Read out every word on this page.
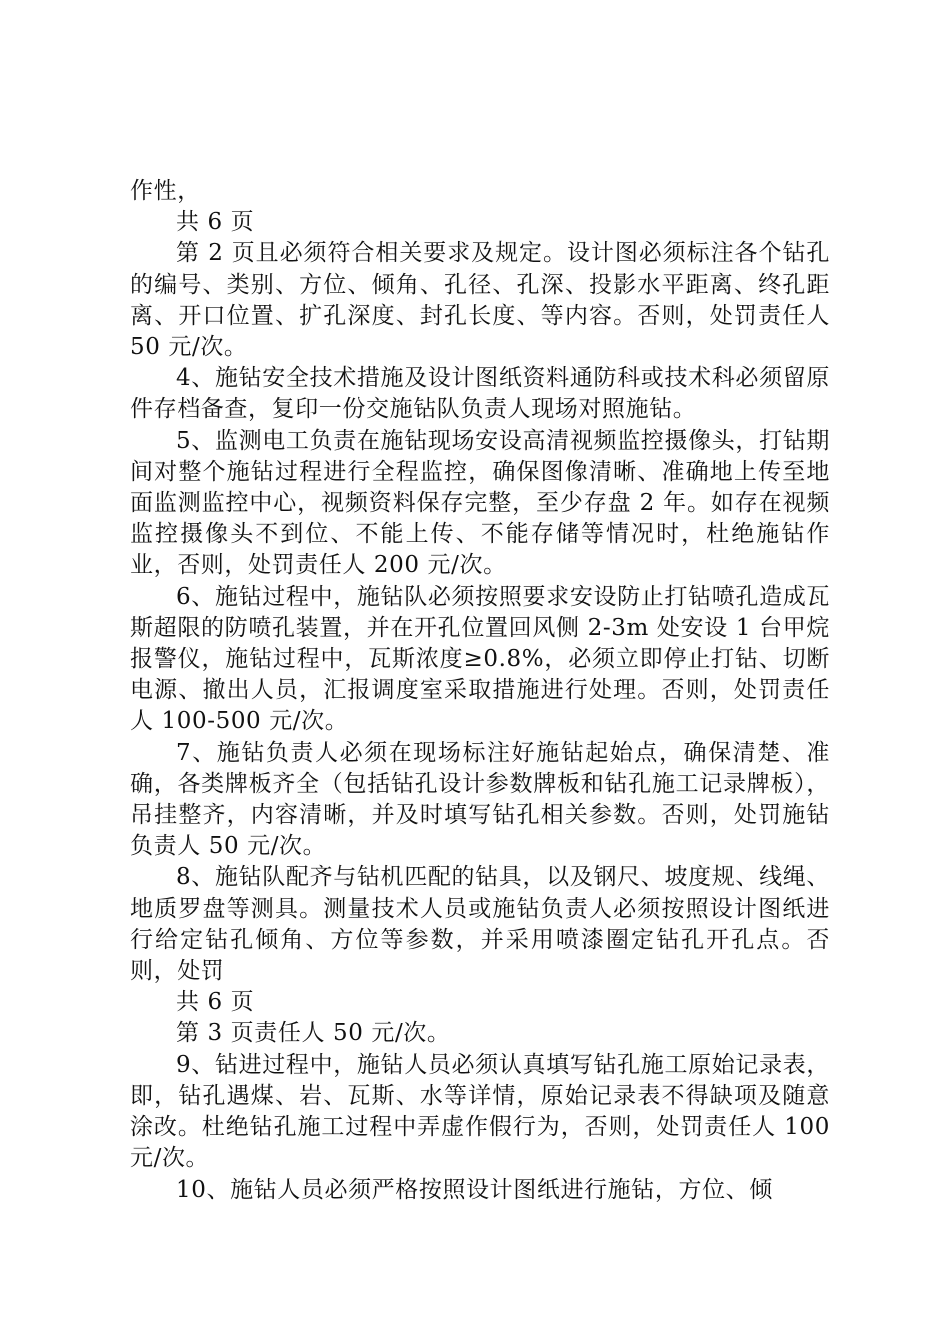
作性，

共 6 页

第 2 页且必须符合相关要求及规定。设计图必须标注各个钻孔的编号、类别、方位、倾角、孔径、孔深、投影水平距离、终孔距离、开口位置、扩孔深度、封孔长度、等内容。否则，处罚责任人 50 元/次。

4、施钻安全技术措施及设计图纸资料通防科或技术科必须留原件存档备查，复印一份交施钻队负责人现场对照施钻。

5、监测电工负责在施钻现场安设高清视频监控摄像头，打钻期间对整个施钻过程进行全程监控，确保图像清晰、准确地上传至地面监测监控中心，视频资料保存完整，至少存盘 2 年。如存在视频监控摄像头不到位、不能上传、不能存储等情况时，杜绝施钻作业，否则，处罚责任人 200 元/次。

6、施钻过程中，施钻队必须按照要求安设防止打钻喷孔造成瓦斯超限的防喷孔装置，并在开孔位置回风侧 2-3m 处安设 1 台甲烷报警仪，施钻过程中，瓦斯浓度≥0.8%，必须立即停止打钻、切断电源、撤出人员，汇报调度室采取措施进行处理。否则，处罚责任人 100-500 元/次。

7、施钻负责人必须在现场标注好施钻起始点，确保清楚、准确，各类牌板齐全（包括钻孔设计参数牌板和钻孔施工记录牌板），吊挂整齐，内容清晰，并及时填写钻孔相关参数。否则，处罚施钻负责人 50 元/次。

8、施钻队配齐与钻机匹配的钻具，以及钢尺、坡度规、线绳、地质罗盘等测具。测量技术人员或施钻负责人必须按照设计图纸进行给定钻孔倾角、方位等参数，并采用喷漆圈定钻孔开孔点。否则，处罚

共 6 页

第 3 页责任人 50 元/次。

9、钻进过程中，施钻人员必须认真填写钻孔施工原始记录表，即，钻孔遇煤、岩、瓦斯、水等详情，原始记录表不得缺项及随意涂改。杜绝钻孔施工过程中弄虚作假行为，否则，处罚责任人 100 元/次。

10、施钻人员必须严格按照设计图纸进行施钻，方位、倾
